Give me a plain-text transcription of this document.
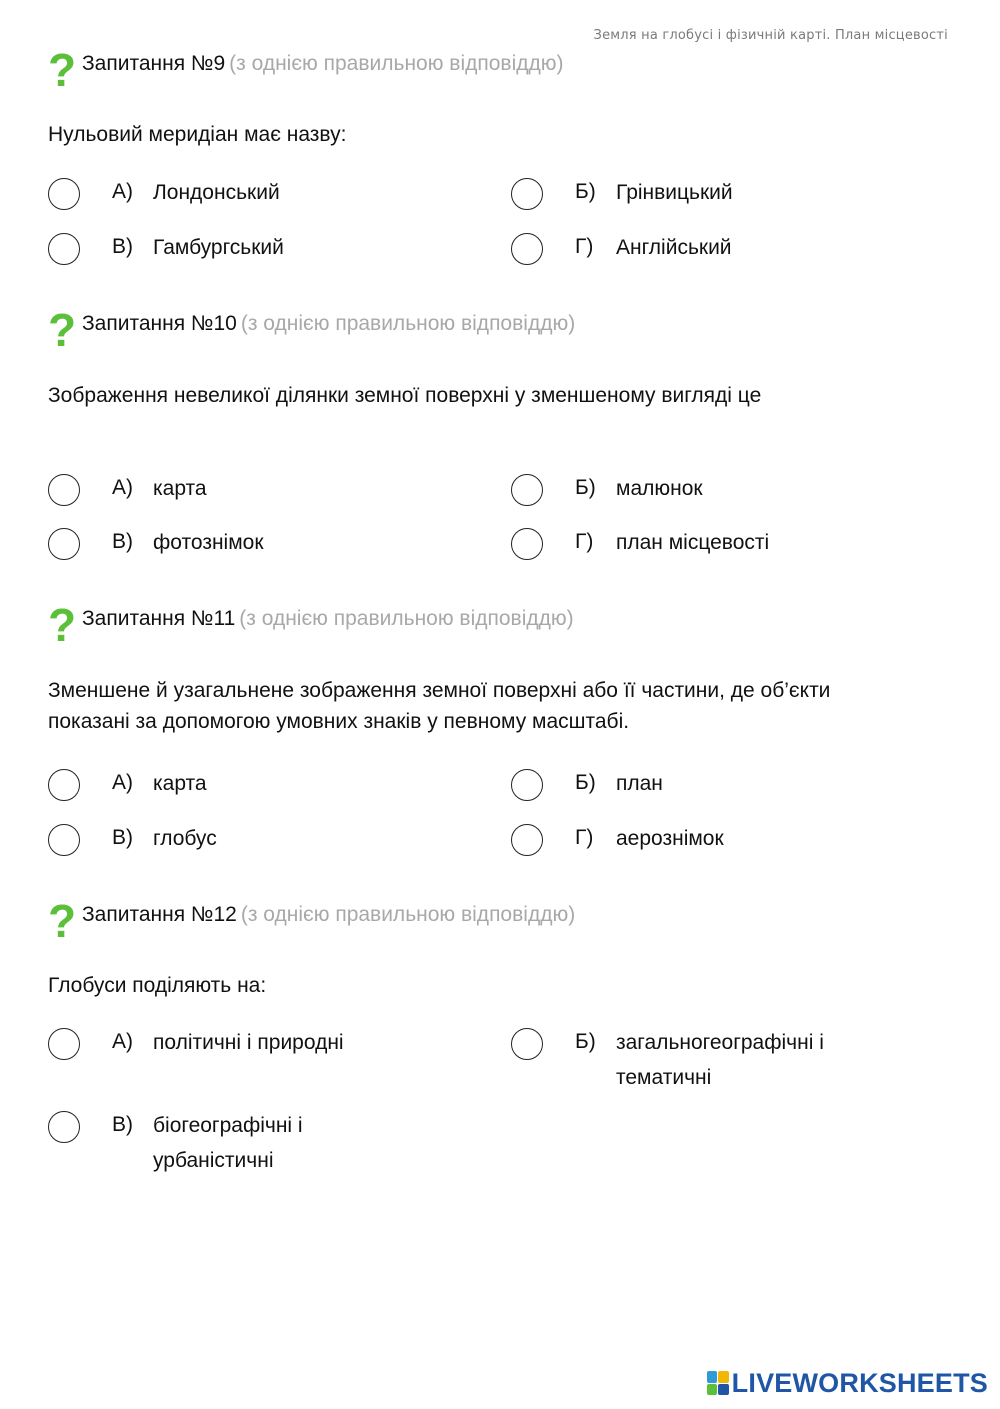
Земля на глобусі і фізичній карті. План місцевості
? Запитання №9 (з однією правильною відповіддю)
Нульовий меридіан має назву:
А) Лондонський	Б) Грінвицький
В) Гамбургський	Г) Англійський
? Запитання №10 (з однією правильною відповіддю)
Зображення невеликої ділянки земної поверхні у зменшеному вигляді це
А) карта	Б) малюнок
В) фотознімок	Г) план місцевості
? Запитання №11 (з однією правильною відповіддю)
Зменшене й узагальнене зображення земної поверхні або її частини, де об’єкти показані за допомогою умовних знаків у певному масштабі.
А) карта	Б) план
В) глобус	Г) аерознімок
? Запитання №12 (з однією правильною відповіддю)
Глобуси поділяють на:
А) політичні і природні	Б) загальногеографічні і тематичні
В) біогеографічні і урбаністичні
LIVEWORKSHEETS
